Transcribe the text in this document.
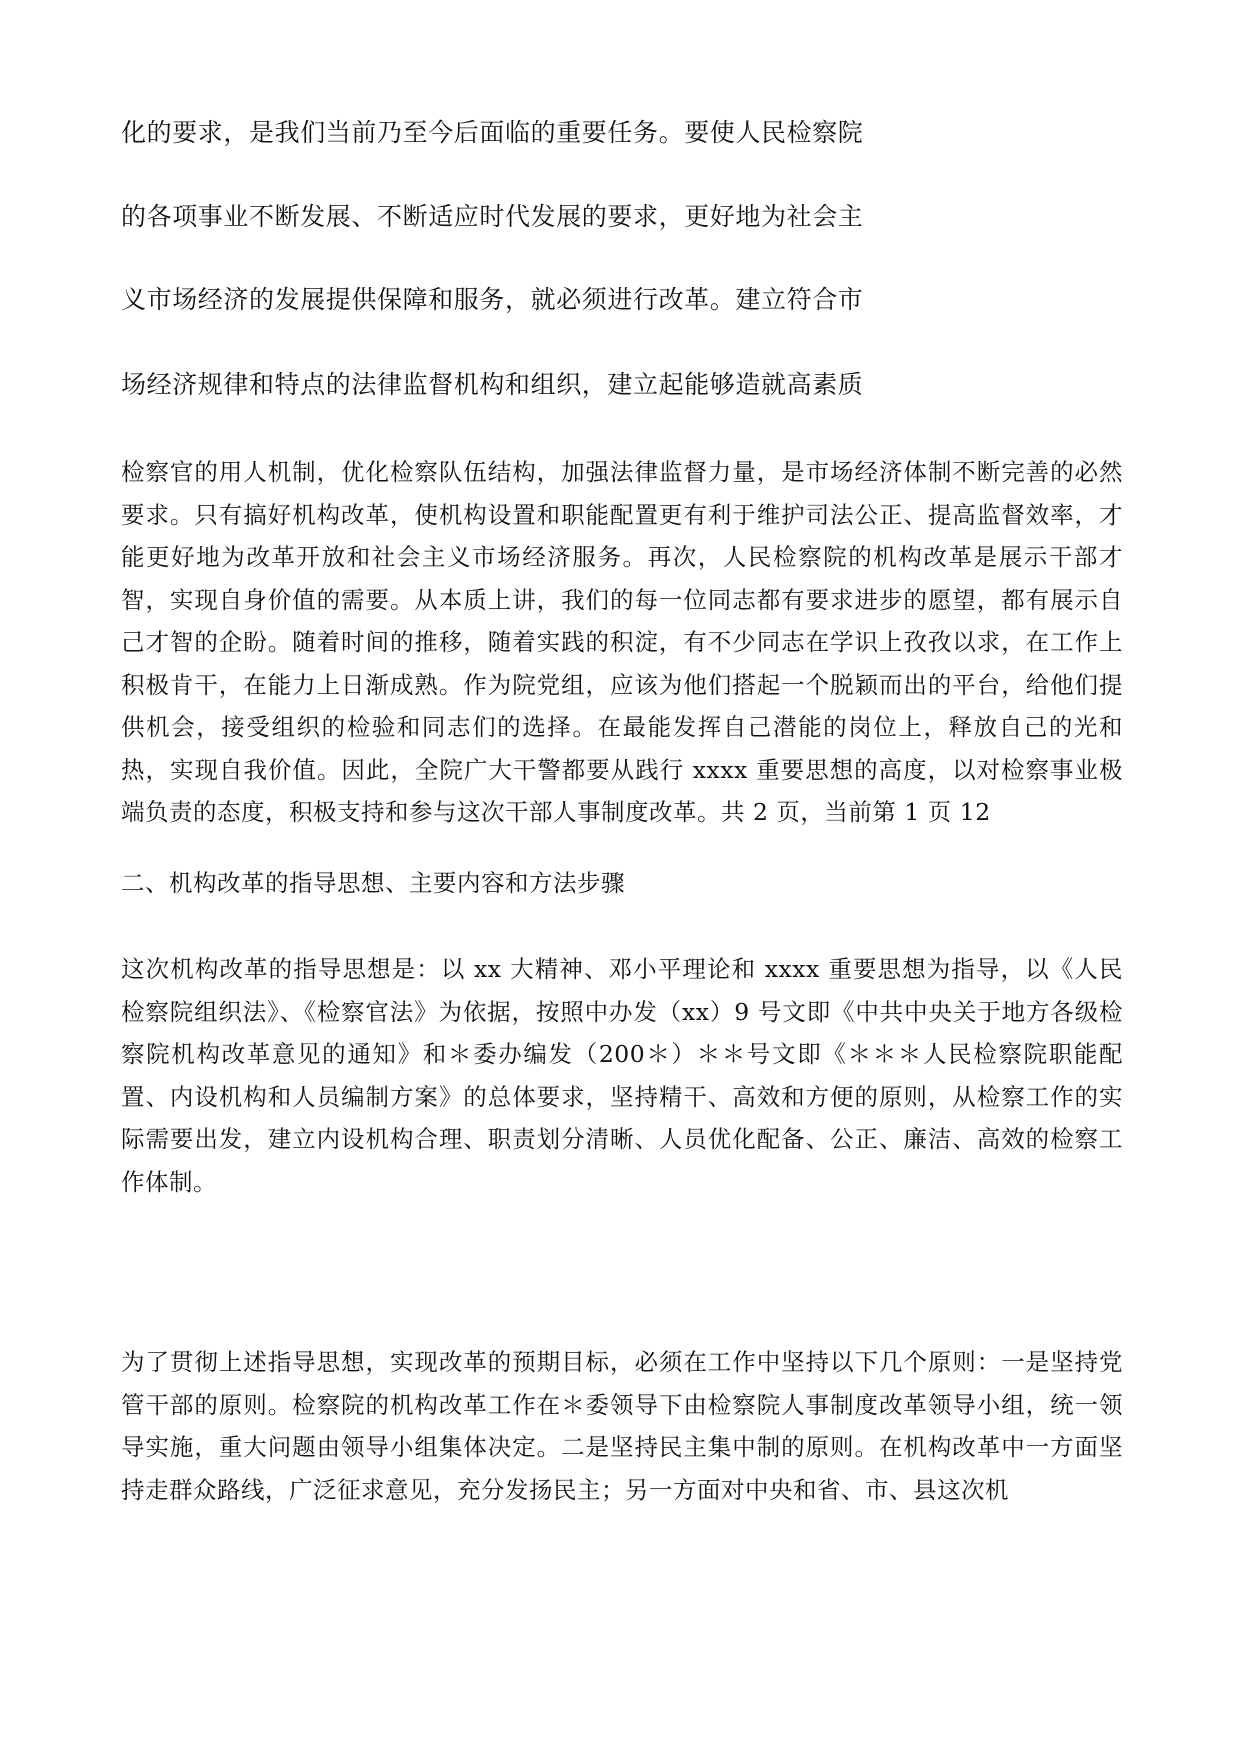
化的要求，是我们当前乃至今后面临的重要任务。要使人民检察院
的各项事业不断发展、不断适应时代发展的要求，更好地为社会主
义市场经济的发展提供保障和服务，就必须进行改革。建立符合市
场经济规律和特点的法律监督机构和组织，建立起能够造就高素质
检察官的用人机制，优化检察队伍结构，加强法律监督力量，是市场经济体制不断完善的必然要求。只有搞好机构改革，使机构设置和职能配置更有利于维护司法公正、提高监督效率，才能更好地为改革开放和社会主义市场经济服务。再次，人民检察院的机构改革是展示干部才智，实现自身价值的需要。从本质上讲，我们的每一位同志都有要求进步的愿望，都有展示自己才智的企盼。随着时间的推移，随着实践的积淀，有不少同志在学识上孜孜以求，在工作上积极肯干，在能力上日渐成熟。作为院党组，应该为他们搭起一个脱颖而出的平台，给他们提供机会，接受组织的检验和同志们的选择。在最能发挥自己潜能的岗位上，释放自己的光和热，实现自我价值。因此，全院广大干警都要从践行 xxxx 重要思想的高度，以对检察事业极端负责的态度，积极支持和参与这次干部人事制度改革。共 2 页，当前第 1 页 12
二、机构改革的指导思想、主要内容和方法步骤
这次机构改革的指导思想是：以 xx 大精神、邓小平理论和 xxxx 重要思想为指导，以《人民检察院组织法》、《检察官法》为依据，按照中办发（xx）9 号文即《中共中央关于地方各级检察院机构改革意见的通知》和＊委办编发（200＊）＊＊号文即《＊＊＊人民检察院职能配置、内设机构和人员编制方案》的总体要求，坚持精干、高效和方便的原则，从检察工作的实际需要出发，建立内设机构合理、职责划分清晰、人员优化配备、公正、廉洁、高效的检察工作体制。
为了贯彻上述指导思想，实现改革的预期目标，必须在工作中坚持以下几个原则：一是坚持党管干部的原则。检察院的机构改革工作在＊委领导下由检察院人事制度改革领导小组，统一领导实施，重大问题由领导小组集体决定。二是坚持民主集中制的原则。在机构改革中一方面坚持走群众路线，广泛征求意见，充分发扬民主；另一方面对中央和省、市、县这次机
